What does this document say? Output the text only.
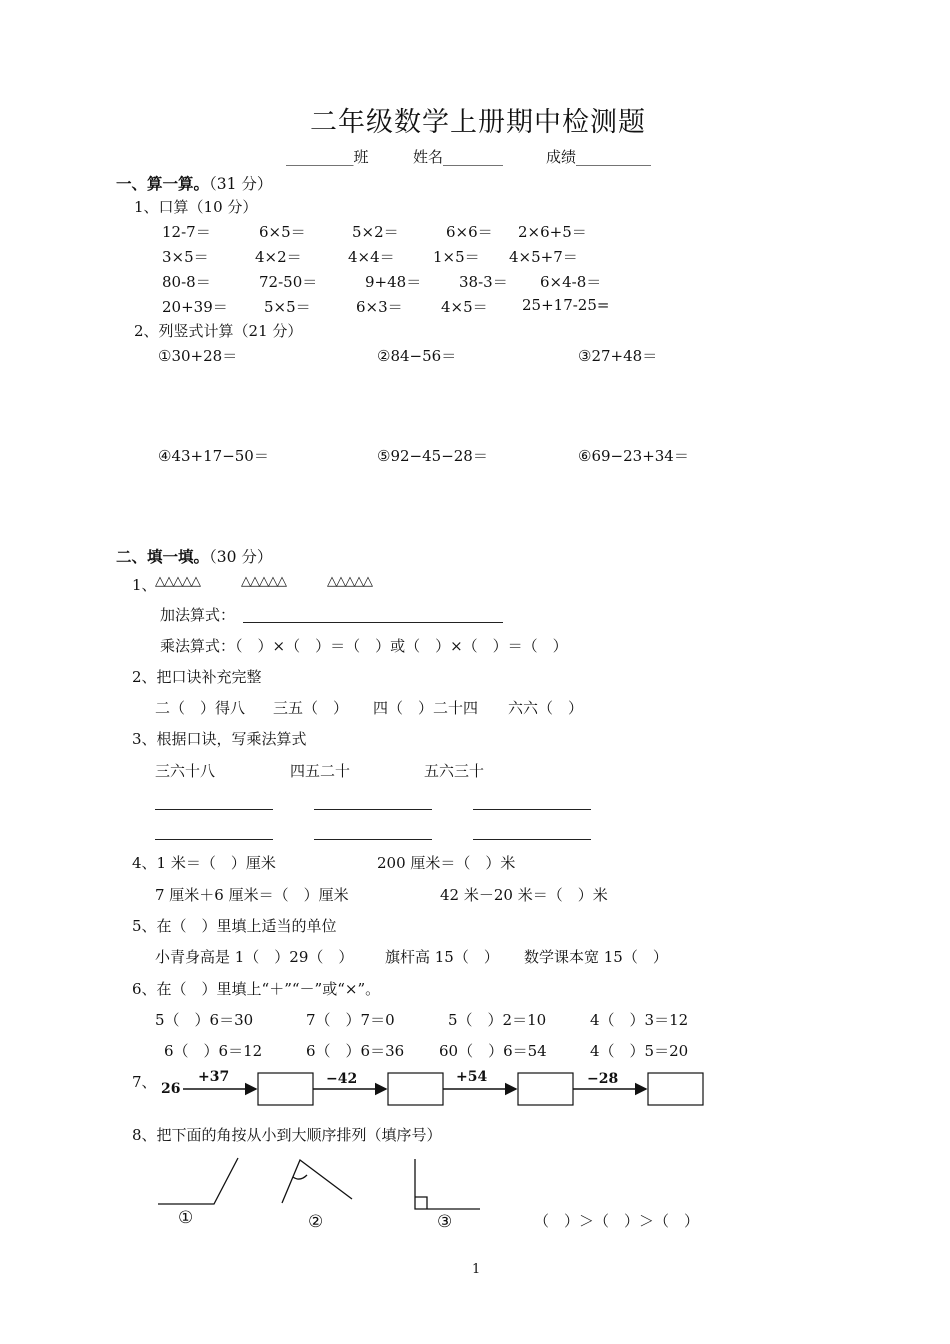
二年级数学上册期中检测题
_________班	姓名________	成绩__________
一、算一算。（31 分）
1、口算（10 分）
12-7＝	6×5＝	5×2＝	6×6＝ 2×6+5＝
3×5＝	4×2＝	4×4＝	1×5＝ 4×5+7＝
80-8＝	72-50＝	9+48＝	38-3＝ 6×4-8＝
20+39＝ 5×5＝	6×3＝	4×5＝ 25+17-25=
2、列竖式计算（21 分）
①30+28＝	②84−56＝	③27+48＝
④43+17−50＝	⑤92−45−28＝	⑥69−23+34＝
二、填一填。（30 分）
1、
△△△△△	△△△△△	△△△△△
加法算式：
乘法算式：（　）×（　）＝（　）或（　）×（　）＝（　）
2、把口诀补充完整
二（　）得八 三五（　） 四（　）二十四 六六（　）
3、根据口诀，写乘法算式
三六十八	四五二十	五六三十
4、1 米＝（　）厘米	200 厘米＝（　）米
7 厘米＋6 厘米＝（　）厘米	42 米－20 米＝（　）米
5、在（　）里填上适当的单位
小青身高是 1（　）29（　） 旗杆高 15（　） 数学课本宽 15（　）
6、在（　）里填上“＋”“－”或“×”。
5（　）6＝30	7（　）7＝0	5（　）2＝10	4（　）3＝12
6（　）6＝12	6（　）6＝36 60（　）6＝54	4（　）5＝20
7、 26
+37	−42	+54	−28
8、把下面的角按从小到大顺序排列（填序号）
①	②	③	（　）＞（　）＞（　）
1
